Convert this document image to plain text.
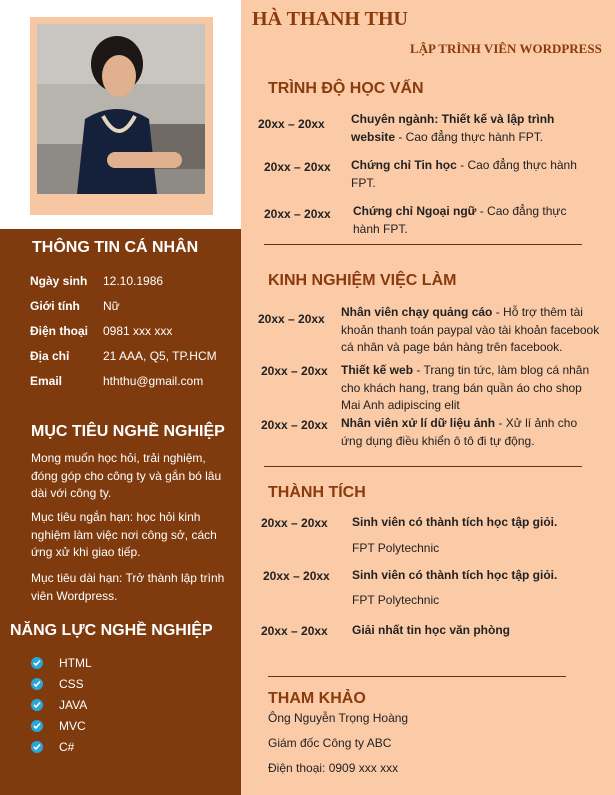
THÔNG TIN CÁ NHÂN
Ngày sinh 12.10.1986
Giới tính Nữ
Điện thoại 0981 xxx xxx
Địa chỉ	21 AAA, Q5, TP.HCM
Email	hththu@gmail.com
MỤC TIÊU NGHỀ NGHIỆP
Mong muốn học hỏi, trải nghiệm, đóng góp cho công ty và gắn bó lâu dài với công ty.
Mục tiêu ngắn hạn: học hỏi kinh nghiệm làm việc nơi công sở, cách ứng xử khi giao tiếp.
Mục tiêu dài hạn: Trở thành lập trình viên Wordpress.
NĂNG LỰC NGHỀ NGHIỆP
HTML
CSS
JAVA
MVC
C#
HÀ THANH THU
LẬP TRÌNH VIÊN WORDPRESS
TRÌNH ĐỘ HỌC VẤN
20xx – 20xx Chuyên ngành: Thiết kế và lập trình website - Cao đẳng thực hành FPT.
20xx – 20xx Chứng chỉ Tin học - Cao đẳng thực hành FPT.
20xx – 20xx Chứng chỉ Ngoại ngữ - Cao đẳng thực hành FPT.
KINH NGHIỆM VIỆC LÀM
20xx – 20xx Nhân viên chạy quảng cáo - Hỗ trợ thêm tài khoản thanh toán paypal vào tài khoản facebook cá nhân và page bán hàng trên facebook.
20xx – 20xx Thiết kế web - Trang tin tức, làm blog cá nhân cho khách hang, trang bán quần áo cho shop Mai Anh adipiscing elit
20xx – 20xx Nhân viên xử lí dữ liệu ảnh - Xử lí ảnh cho ứng dụng điều khiển ô tô đi tự động.
THÀNH TÍCH
20xx – 20xx Sinh viên có thành tích học tập giỏi.
FPT Polytechnic
20xx – 20xx Sinh viên có thành tích học tập giỏi.
FPT Polytechnic
20xx – 20xx Giải nhất tin học văn phòng
THAM KHẢO
Ông Nguyễn Trọng Hoàng
Giám đốc Công ty ABC
Điện thoại: 0909 xxx xxx
